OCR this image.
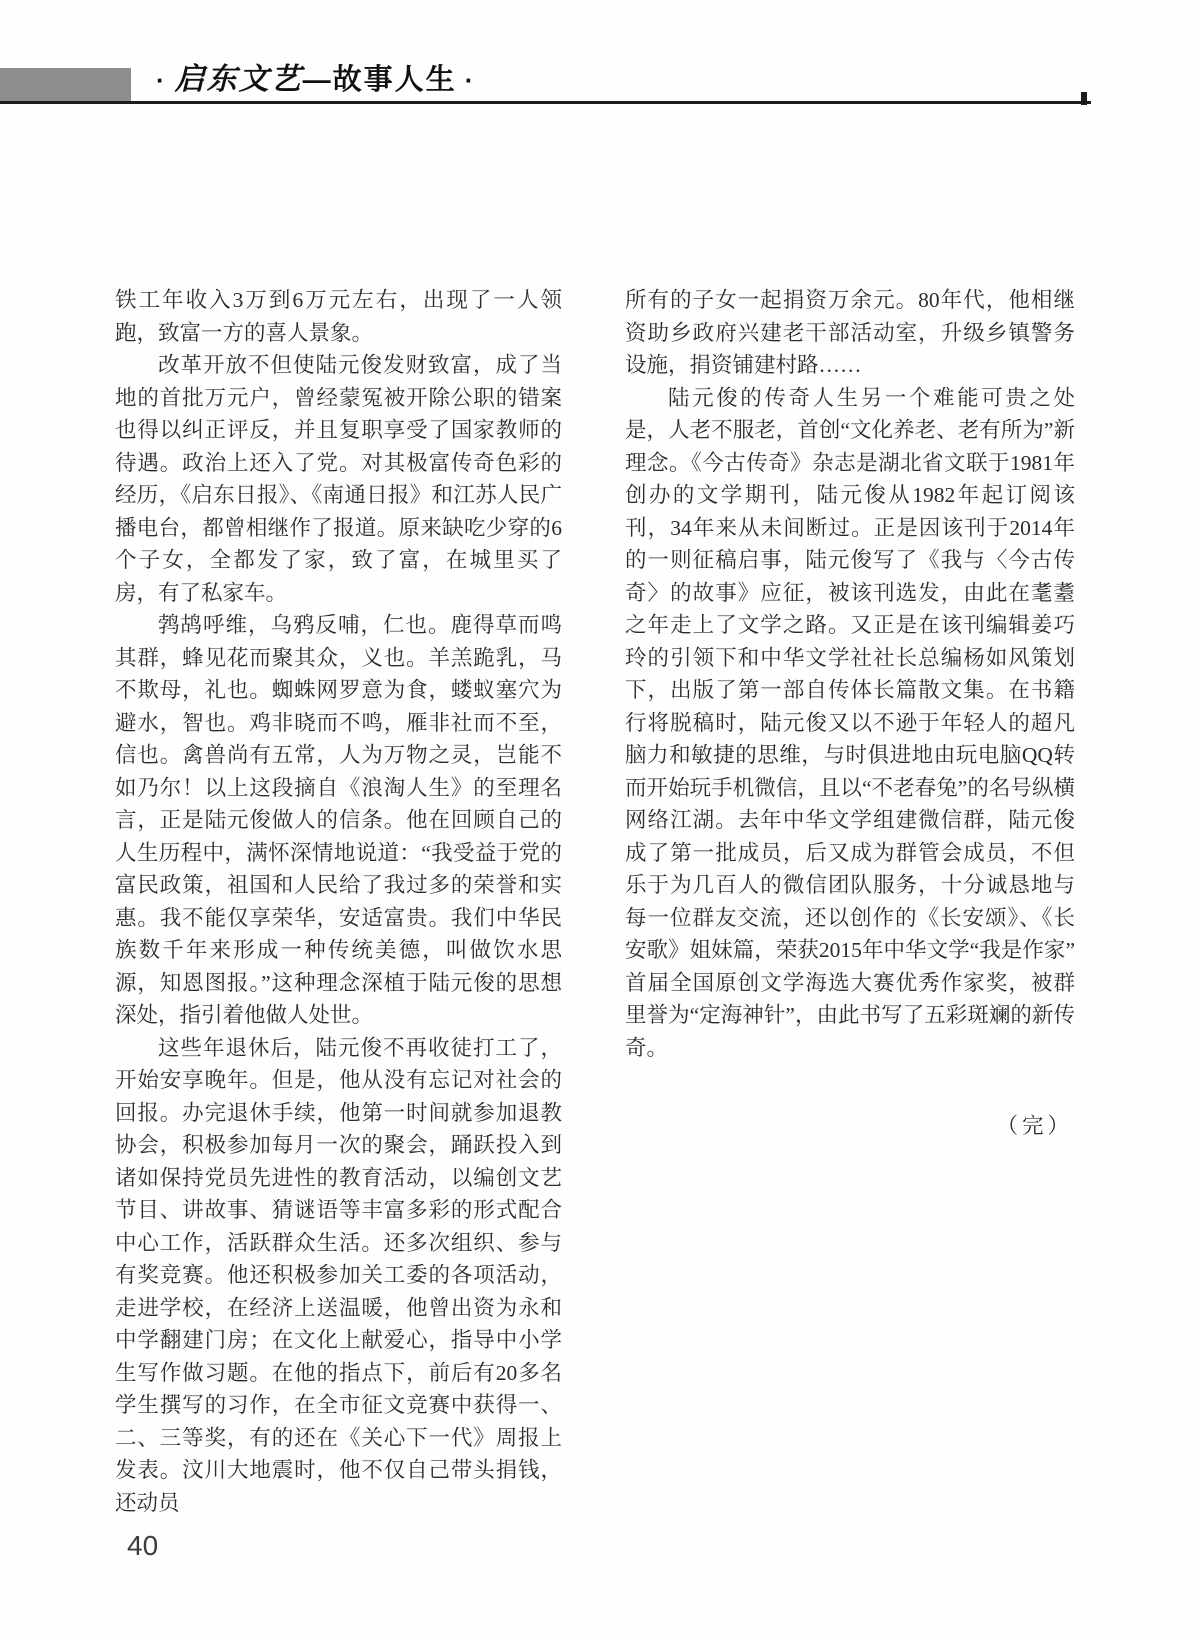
· 启东文艺—故事人生 ·

铁工年收入3万到6万元左右，出现了一人领跑，致富一方的喜人景象。

改革开放不但使陆元俊发财致富，成了当地的首批万元户，曾经蒙冤被开除公职的错案也得以纠正评反，并且复职享受了国家教师的待遇。政治上还入了党。对其极富传奇色彩的经历，《启东日报》、《南通日报》和江苏人民广播电台，都曾相继作了报道。原来缺吃少穿的6个子女，全都发了家，致了富，在城里买了房，有了私家车。

鹁鸪呼维，乌鸦反哺，仁也。鹿得草而鸣其群，蜂见花而聚其众，义也。羊羔跪乳，马不欺母，礼也。蜘蛛网罗意为食，蝼蚁塞穴为避水，智也。鸡非晓而不鸣，雁非社而不至，信也。禽兽尚有五常，人为万物之灵，岂能不如乃尔！以上这段摘自《浪淘人生》的至理名言，正是陆元俊做人的信条。他在回顾自己的人生历程中，满怀深情地说道：“我受益于党的富民政策，祖国和人民给了我过多的荣誉和实惠。我不能仅享荣华，安适富贵。我们中华民族数千年来形成一种传统美德，叫做饮水思源，知恩图报。”这种理念深植于陆元俊的思想深处，指引着他做人处世。

这些年退休后，陆元俊不再收徒打工了，开始安享晚年。但是，他从没有忘记对社会的回报。办完退休手续，他第一时间就参加退教协会，积极参加每月一次的聚会，踊跃投入到诸如保持党员先进性的教育活动，以编创文艺节目、讲故事、猜谜语等丰富多彩的形式配合中心工作，活跃群众生活。还多次组织、参与有奖竞赛。他还积极参加关工委的各项活动，走进学校，在经济上送温暖，他曾出资为永和中学翻建门房；在文化上献爱心，指导中小学生写作做习题。在他的指点下，前后有20多名学生撰写的习作，在全市征文竞赛中获得一、二、三等奖，有的还在《关心下一代》周报上发表。汶川大地震时，他不仅自己带头捐钱，还动员

所有的子女一起捐资万余元。80年代，他相继资助乡政府兴建老干部活动室，升级乡镇警务设施，捐资铺建村路……

陆元俊的传奇人生另一个难能可贵之处是，人老不服老，首创“文化养老、老有所为”新理念。《今古传奇》杂志是湖北省文联于1981年创办的文学期刊，陆元俊从1982年起订阅该刊，34年来从未间断过。正是因该刊于2014年的一则征稿启事，陆元俊写了《我与〈今古传奇〉的故事》应征，被该刊选发，由此在耄耋之年走上了文学之路。又正是在该刊编辑姜巧玲的引领下和中华文学社社长总编杨如风策划下，出版了第一部自传体长篇散文集。在书籍行将脱稿时，陆元俊又以不逊于年轻人的超凡脑力和敏捷的思维，与时俱进地由玩电脑QQ转而开始玩手机微信，且以“不老春兔”的名号纵横网络江湖。去年中华文学组建微信群，陆元俊成了第一批成员，后又成为群管会成员，不但乐于为几百人的微信团队服务，十分诚恳地与每一位群友交流，还以创作的《长安颂》、《长安歌》姐妹篇，荣获2015年中华文学“我是作家” 首届全国原创文学海选大赛优秀作家奖，被群里誉为“定海神针”，由此书写了五彩斑斓的新传奇。

（完）

40
